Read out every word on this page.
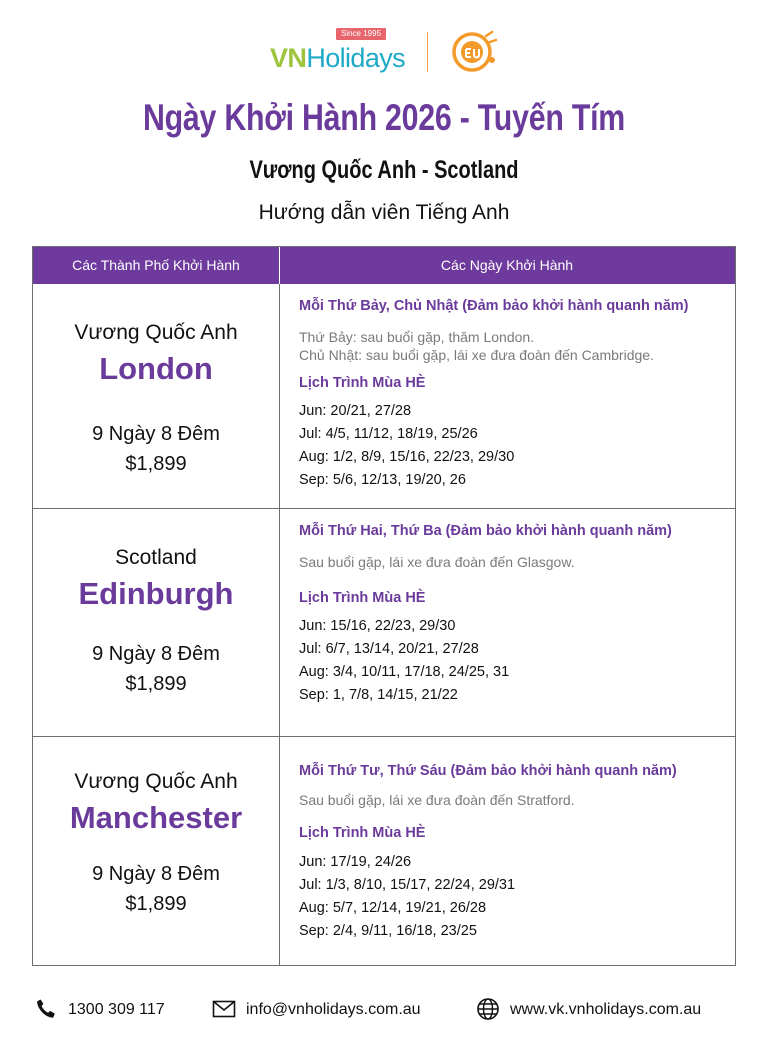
Since 1995
VNHolidays
Ngày Khởi Hành 2026 - Tuyến Tím
Vương Quốc Anh - Scotland
Hướng dẫn viên Tiếng Anh
Các Thành Phố Khởi Hành	Các Ngày Khởi Hành
Vương Quốc Anh
London
9 Ngày 8 Đêm
$1,899
Mỗi Thứ Bảy, Chủ Nhật (Đảm bảo khởi hành quanh năm)
Thứ Bảy: sau buổi gặp, thăm London.
Chủ Nhật: sau buổi gặp, lái xe đưa đoàn đến Cambridge.
Lịch Trình Mùa HÈ
Jun: 20/21, 27/28
Jul: 4/5, 11/12, 18/19, 25/26
Aug: 1/2, 8/9, 15/16, 22/23, 29/30
Sep: 5/6, 12/13, 19/20, 26
Scotland
Edinburgh
9 Ngày 8 Đêm
$1,899
Mỗi Thứ Hai, Thứ Ba (Đảm bảo khởi hành quanh năm)
Sau buổi gặp, lái xe đưa đoàn đến Glasgow.
Lịch Trình Mùa HÈ
Jun: 15/16, 22/23, 29/30
Jul: 6/7, 13/14, 20/21, 27/28
Aug: 3/4, 10/11, 17/18, 24/25, 31
Sep: 1, 7/8, 14/15, 21/22
Vương Quốc Anh
Manchester
9 Ngày 8 Đêm
$1,899
Mỗi Thứ Tư, Thứ Sáu (Đảm bảo khởi hành quanh năm)
Sau buổi gặp, lái xe đưa đoàn đến Stratford.
Lịch Trình Mùa HÈ
Jun: 17/19, 24/26
Jul: 1/3, 8/10, 15/17, 22/24, 29/31
Aug: 5/7, 12/14, 19/21, 26/28
Sep: 2/4, 9/11, 16/18, 23/25
1300 309 117	info@vnholidays.com.au	www.vk.vnholidays.com.au
